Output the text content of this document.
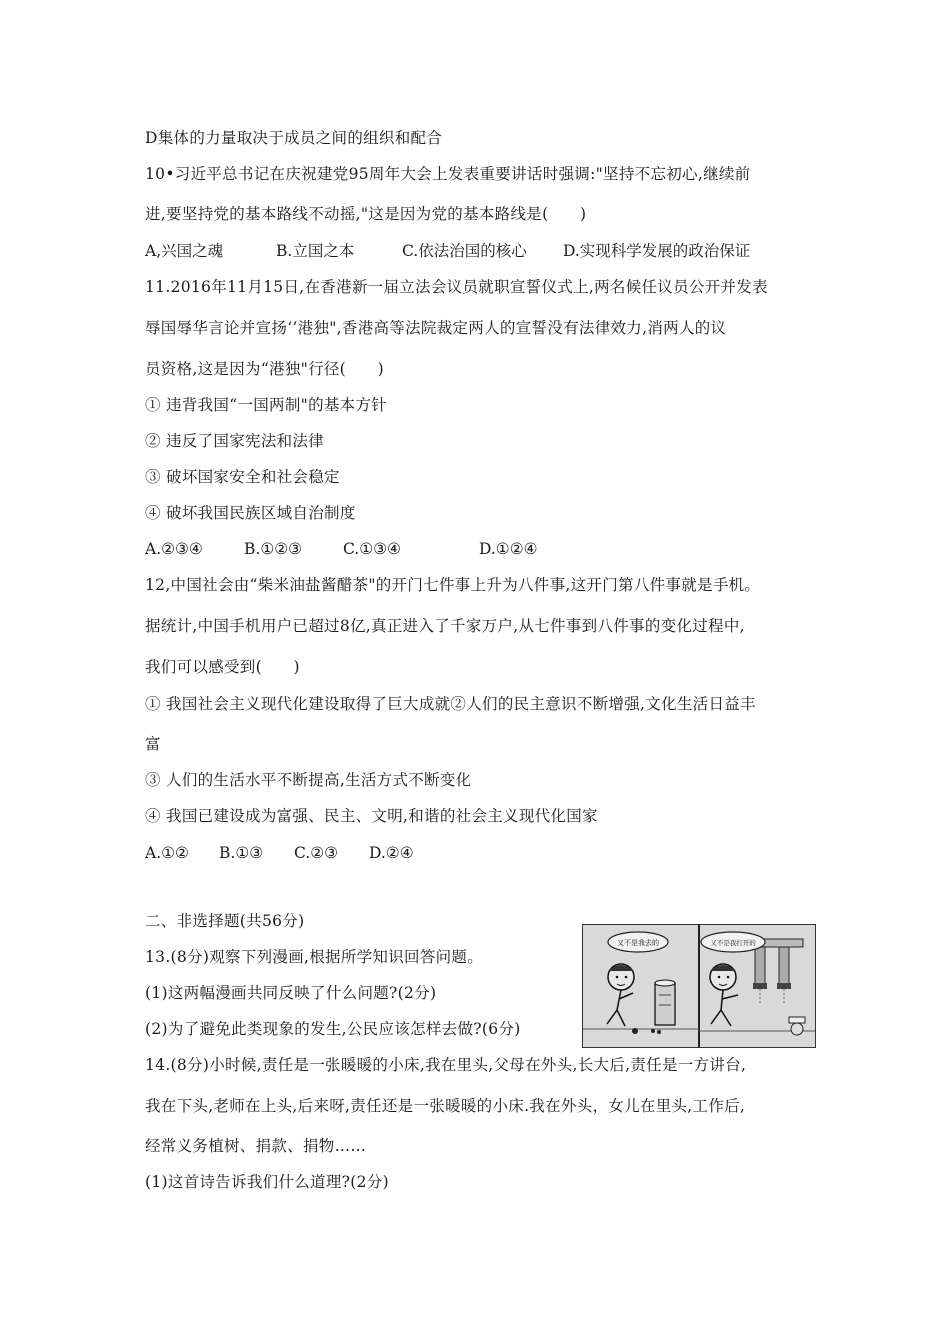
D集体的力量取决于成员之间的组织和配合
10•习近平总书记在庆祝建党95周年大会上发表重要讲话时强调:"坚持不忘初心,继续前
进,要坚持党的基本路线不动摇,"这是因为党的基本路线是(　　)
A,兴国之魂	B.立国之本	C.依法治国的核心 D.实现科学发展的政治保证
11.2016年11月15日,在香港新一届立法会议员就职宣誓仪式上,两名候任议员公开并发表
辱国辱华言论并宣扬‘’港独",香港高等法院裁定两人的宣誓没有法律效力,消两人的议
员资格,这是因为“港独"行径(　　)
① 违背我国“一国两制"的基本方针
② 违反了国家宪法和法律
③ 破坏国家安全和社会稳定
④ 破坏我国民族区域自治制度
A.②③④	B.①②③	C.①③④	D.①②④
12,中国社会由“柴米油盐酱醋茶"的开门七件事上升为八件事,这开门第八件事就是手机。
据统计,中国手机用户已超过8亿,真正进入了千家万户,从七件事到八件事的变化过程中,
我们可以感受到(　　)
① 我国社会主义现代化建设取得了巨大成就②人们的民主意识不断增强,文化生活日益丰
富
③ 人们的生活水平不断提高,生活方式不断变化
④ 我国已建设成为富强、民主、文明,和谐的社会主义现代化国家
A.①② B.①③ C.②③ D.②④
二、非选择题(共56分)
13.(8分)观察下列漫画,根据所学知识回答问题。
(1)这两幅漫画共同反映了什么问题?(2分)
(2)为了避免此类现象的发生,公民应该怎样去做?(6分)
又不是我去的	又不是我打开的
14.(8分)小时候,责任是一张暖暖的小床,我在里头,父母在外头,长大后,责任是一方讲台,
我在下头,老师在上头,后来呀,责任还是一张暖暖的小床.我在外头，女儿在里头,工作后,
经常义务植树、捐款、捐物……
(1)这首诗告诉我们什么道理?(2分)
